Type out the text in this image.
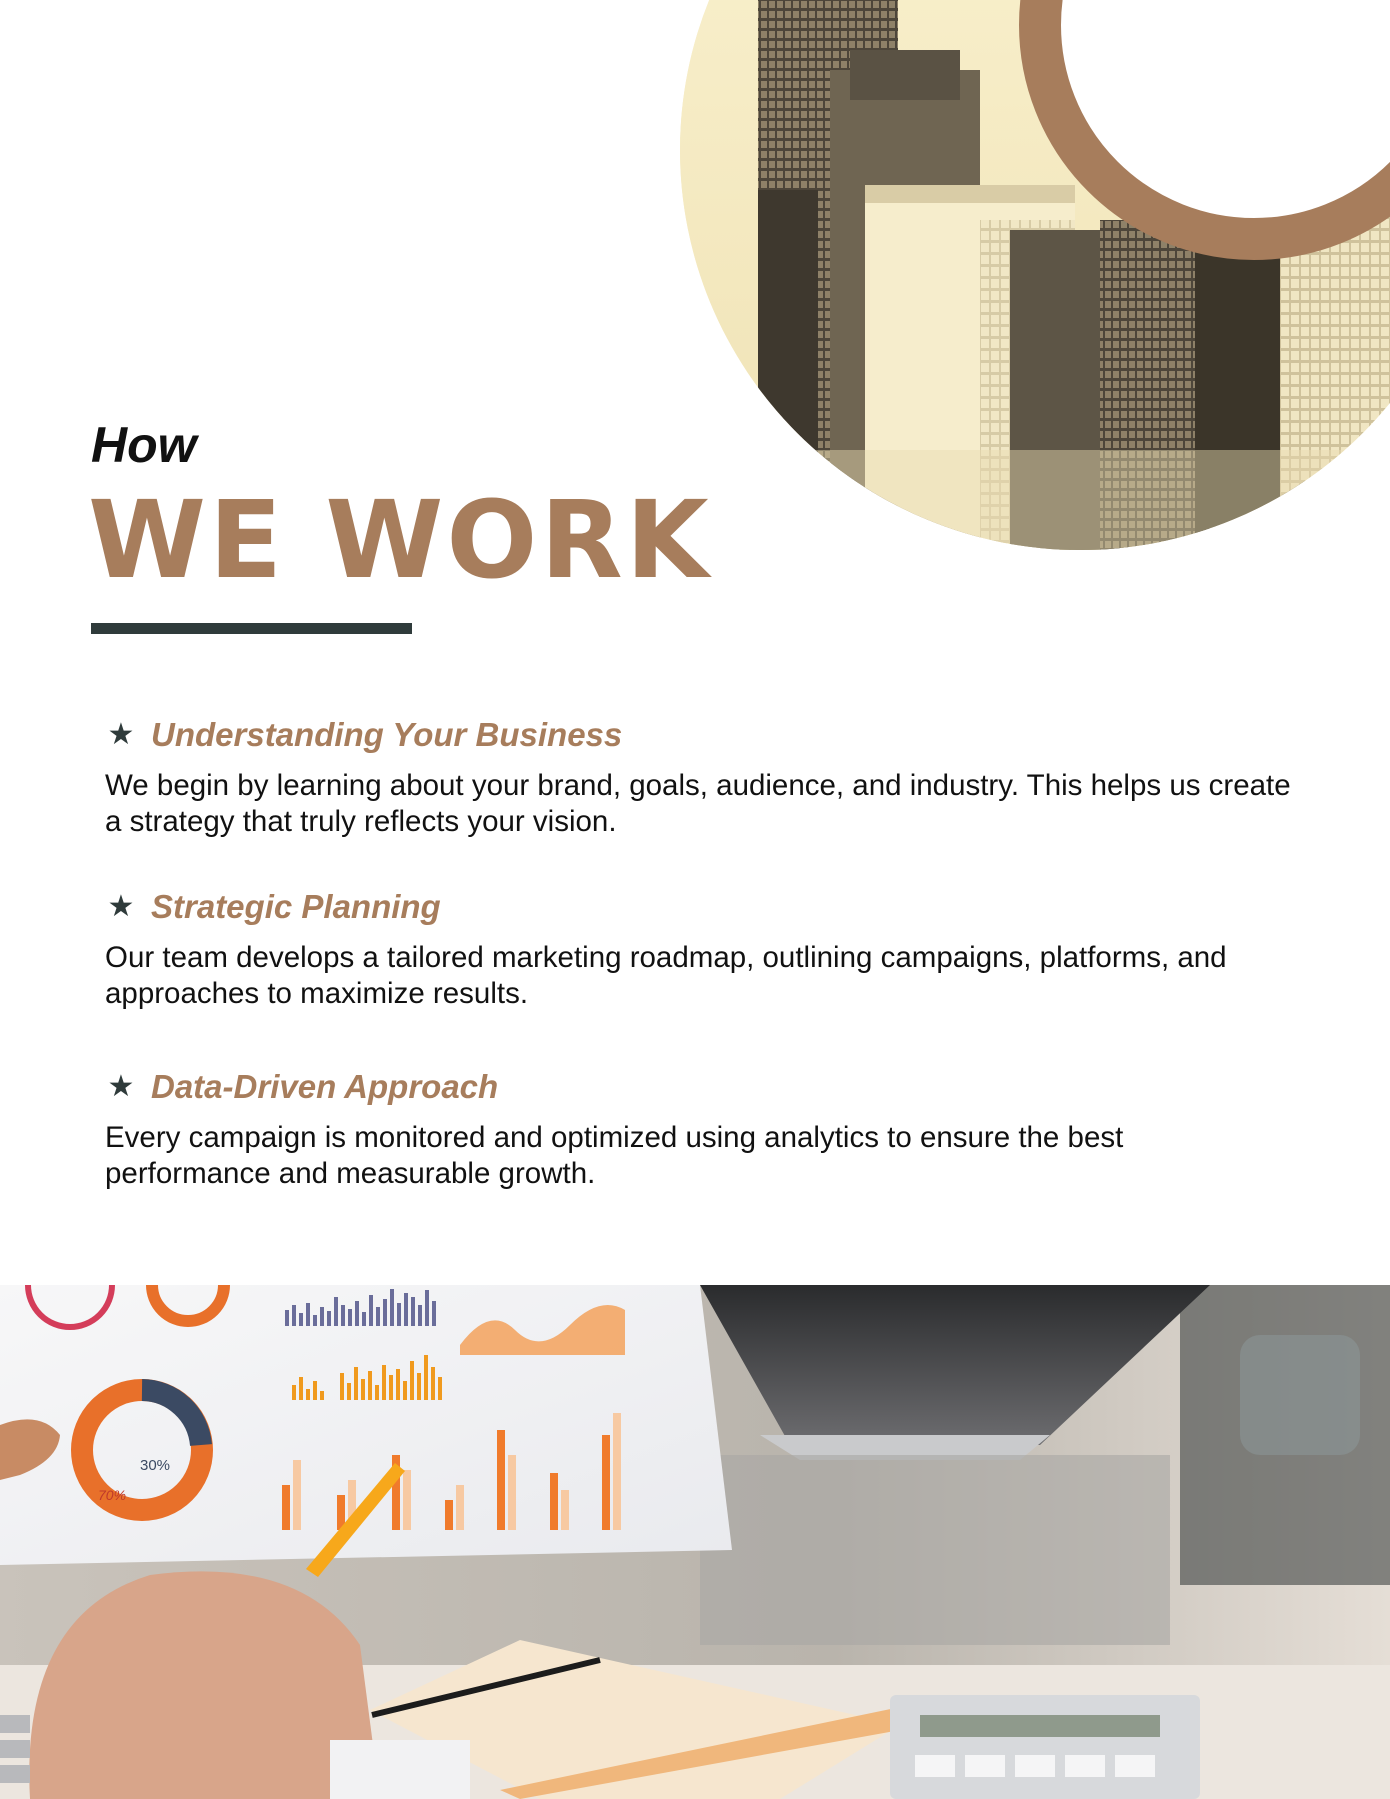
How
WE WORK
★ Understanding Your Business

We begin by learning about your brand, goals, audience, and industry. This helps us create a strategy that truly reflects your vision.

★ Strategic Planning

Our team develops a tailored marketing roadmap, outlining campaigns, platforms, and approaches to maximize results.

★ Data-Driven Approach

Every campaign is monitored and optimized using analytics to ensure the best performance and measurable growth.

30%
70%
